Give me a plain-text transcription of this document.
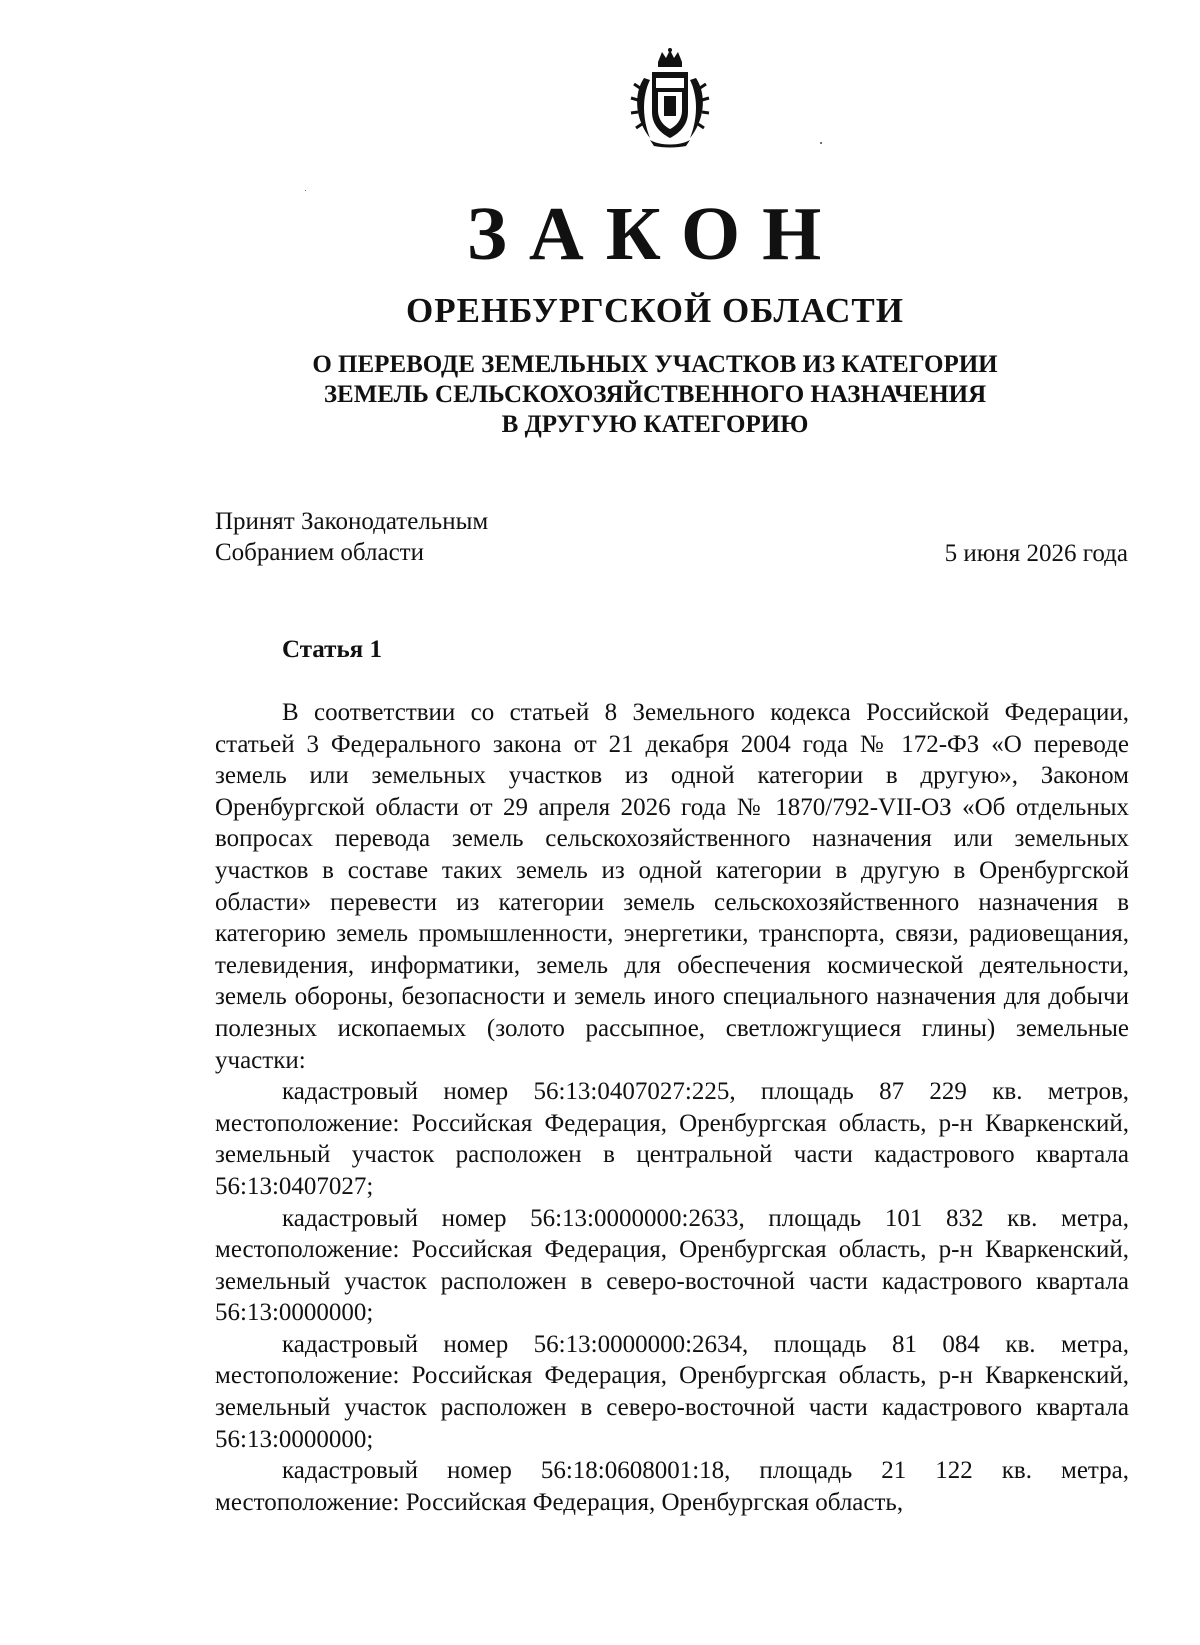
ЗАКОН
ОРЕНБУРГСКОЙ ОБЛАСТИ
О ПЕРЕВОДЕ ЗЕМЕЛЬНЫХ УЧАСТКОВ ИЗ КАТЕГОРИИ
ЗЕМЕЛЬ СЕЛЬСКОХОЗЯЙСТВЕННОГО НАЗНАЧЕНИЯ
В ДРУГУЮ КАТЕГОРИЮ
Принят Законодательным
Собранием области	5 июня 2026 года
Статья 1

В соответствии со статьей 8 Земельного кодекса Российской Федерации, статьей 3 Федерального закона от 21 декабря 2004 года № 172-ФЗ «О переводе земель или земельных участков из одной категории в другую», Законом Оренбургской области от 29 апреля 2026 года № 1870/792-VII-ОЗ «Об отдельных вопросах перевода земель сельскохозяйственного назначения или земельных участков в составе таких земель из одной категории в другую в Оренбургской области» перевести из категории земель сельскохозяйственного назначения в категорию земель промышленности, энергетики, транспорта, связи, радиовещания, телевидения, информатики, земель для обеспечения космической деятельности, земель обороны, безопасности и земель иного специального назначения для добычи полезных ископаемых (золото рассыпное, светложгущиеся глины) земельные участки:

кадастровый номер 56:13:0407027:225, площадь 87 229 кв. метров, местоположение: Российская Федерация, Оренбургская область, р-н Кваркенский, земельный участок расположен в центральной части кадастрового квартала 56:13:0407027;

кадастровый номер 56:13:0000000:2633, площадь 101 832 кв. метра, местоположение: Российская Федерация, Оренбургская область, р-н Кваркенский, земельный участок расположен в северо-восточной части кадастрового квартала 56:13:0000000;

кадастровый номер 56:13:0000000:2634, площадь 81 084 кв. метра, местоположение: Российская Федерация, Оренбургская область, р-н Кваркенский, земельный участок расположен в северо-восточной части кадастрового квартала 56:13:0000000;

кадастровый номер 56:18:0608001:18, площадь 21 122 кв. метра, местоположение: Российская Федерация, Оренбургская область,
